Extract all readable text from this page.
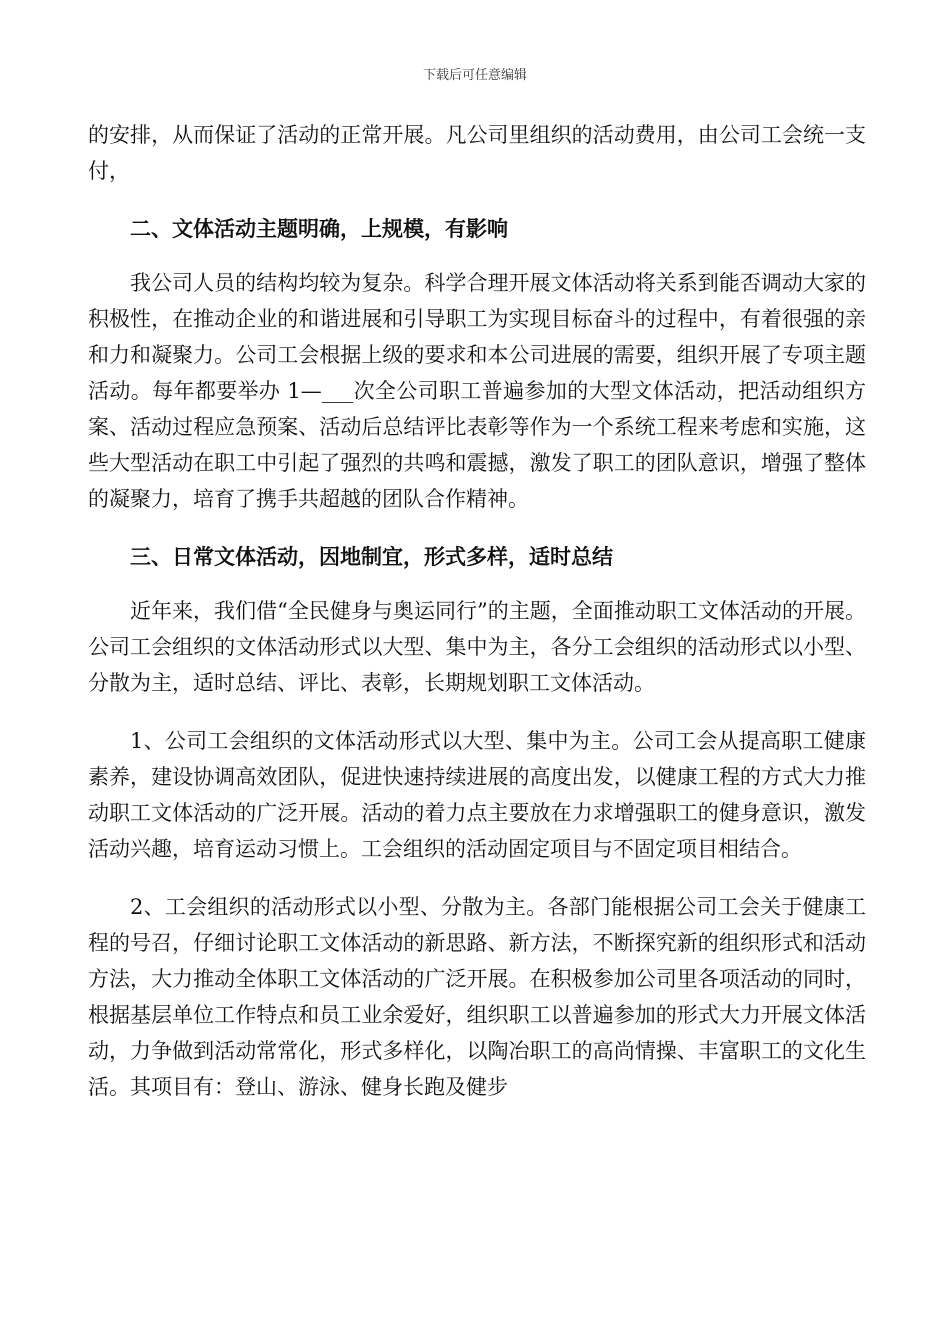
下载后可任意编辑

的安排，从而保证了活动的正常开展。凡公司里组织的活动费用，由公司工会统一支付，

二、文体活动主题明确，上规模，有影响

我公司人员的结构均较为复杂。科学合理开展文体活动将关系到能否调动大家的积极性，在推动企业的和谐进展和引导职工为实现目标奋斗的过程中，有着很强的亲和力和凝聚力。公司工会根据上级的要求和本公司进展的需要，组织开展了专项主题活动。每年都要举办 1—___次全公司职工普遍参加的大型文体活动，把活动组织方案、活动过程应急预案、活动后总结评比表彰等作为一个系统工程来考虑和实施，这些大型活动在职工中引起了强烈的共鸣和震撼，激发了职工的团队意识，增强了整体的凝聚力，培育了携手共超越的团队合作精神。

三、日常文体活动，因地制宜，形式多样，适时总结

近年来，我们借“全民健身与奥运同行”的主题，全面推动职工文体活动的开展。公司工会组织的文体活动形式以大型、集中为主，各分工会组织的活动形式以小型、分散为主，适时总结、评比、表彰，长期规划职工文体活动。

1、公司工会组织的文体活动形式以大型、集中为主。公司工会从提高职工健康素养，建设协调高效团队，促进快速持续进展的高度出发，以健康工程的方式大力推动职工文体活动的广泛开展。活动的着力点主要放在力求增强职工的健身意识，激发活动兴趣，培育运动习惯上。工会组织的活动固定项目与不固定项目相结合。

2、工会组织的活动形式以小型、分散为主。各部门能根据公司工会关于健康工程的号召，仔细讨论职工文体活动的新思路、新方法，不断探究新的组织形式和活动方法，大力推动全体职工文体活动的广泛开展。在积极参加公司里各项活动的同时，根据基层单位工作特点和员工业余爱好，组织职工以普遍参加的形式大力开展文体活动，力争做到活动常常化，形式多样化，以陶冶职工的高尚情操、丰富职工的文化生活。其项目有：登山、游泳、健身长跑及健步
